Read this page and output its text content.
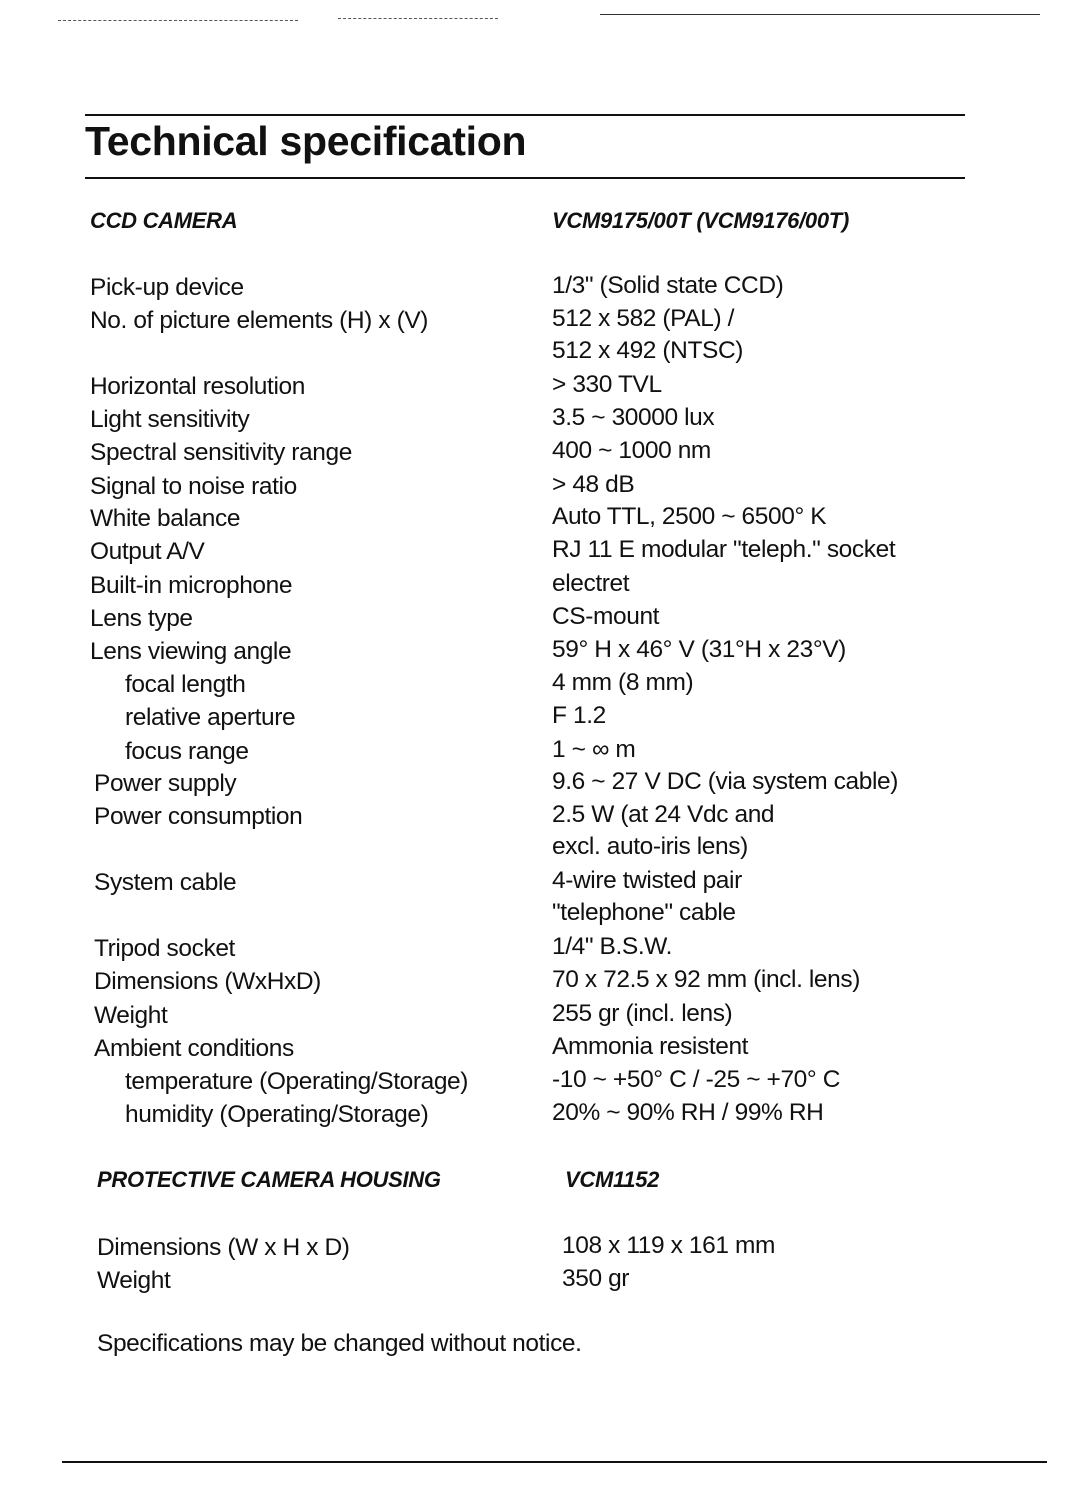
Technical specification
CCD CAMERA	VCM9175/00T (VCM9176/00T)
Pick-up device	1/3" (Solid state CCD)
No. of picture elements (H) x (V)	512 x 582 (PAL) /
512 x 492 (NTSC)
Horizontal resolution	> 330 TVL
Light sensitivity	3.5 ~ 30000 lux
Spectral sensitivity range	400 ~ 1000 nm
Signal to noise ratio	> 48 dB
White balance	Auto TTL, 2500 ~ 6500° K
Output A/V	RJ 11 E modular "teleph." socket
Built-in microphone	electret
Lens type	CS-mount
Lens viewing angle	59° H x 46° V (31°H x 23°V)
focal length	4 mm (8 mm)
relative aperture	F 1.2
focus range	1 ~ ∞ m
Power supply	9.6 ~ 27 V DC (via system cable)
Power consumption	2.5 W (at 24 Vdc and
excl. auto-iris lens)
System cable	4-wire twisted pair
"telephone" cable
Tripod socket	1/4" B.S.W.
Dimensions (WxHxD)	70 x 72.5 x 92 mm (incl. lens)
Weight	255 gr (incl. lens)
Ambient conditions	Ammonia resistent
temperature (Operating/Storage)	-10 ~ +50° C / -25 ~ +70° C
humidity (Operating/Storage)	20% ~ 90% RH / 99% RH
PROTECTIVE CAMERA HOUSING	VCM1152
Dimensions (W x H x D)	108 x 119 x 161 mm
Weight	350 gr
Specifications may be changed without notice.
